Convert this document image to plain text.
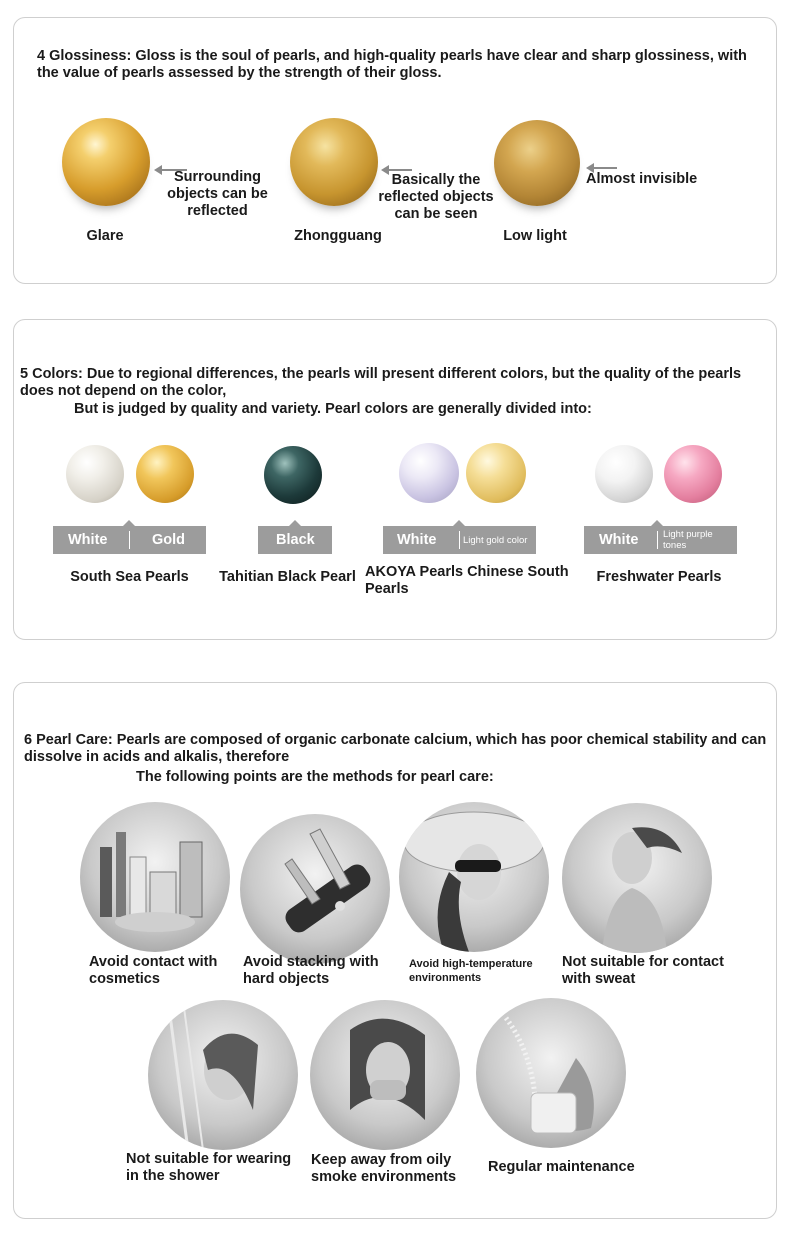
4 Glossiness: Gloss is the soul of pearls, and high-quality pearls have clear and sharp glossiness, with the value of pearls assessed by the strength of their gloss.
Surrounding objects can be reflected
Glare
Basically the reflected objects can be seen
Zhongguang
Almost invisible
Low light
5 Colors: Due to regional differences, the pearls will present different colors, but the quality of the pearls does not depend on the color,
But is judged by quality and variety. Pearl colors are generally divided into:
White	Gold
South Sea Pearls
Black
Tahitian Black Pearl
White	Light gold color
AKOYA Pearls Chinese South Pearls
White	Light purple tones
Freshwater Pearls
6 Pearl Care: Pearls are composed of organic carbonate calcium, which has poor chemical stability and can dissolve in acids and alkalis, therefore
The following points are the methods for pearl care:
Avoid contact with cosmetics
Avoid stacking with hard objects
Avoid high-temperature environments
Not suitable for contact with sweat
Not suitable for wearing in the shower
Keep away from oily smoke environments
Regular maintenance
